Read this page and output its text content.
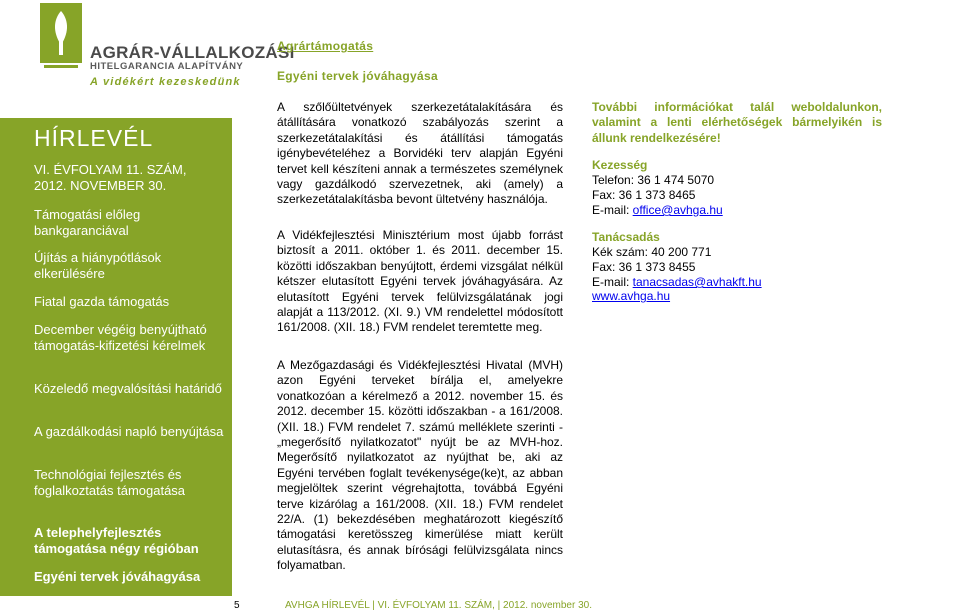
AGRÁR-VÁLLALKOZÁSI
HITELGARANCIA ALAPÍTVÁNY
A vidékért kezeskedünk
HÍRLEVÉL
VI. ÉVFOLYAM 11. SZÁM,
2012. NOVEMBER 30.
Támogatási előleg bankgaranciával
Újítás a hiánypótlások elkerülésére
Fiatal gazda támogatás
December végéig benyújtható támogatás-kifizetési kérelmek
Közeledő megvalósítási határidő
A gazdálkodási napló benyújtása
Technológiai fejlesztés és foglalkoztatás támogatása
A telephelyfejlesztés támogatása négy régióban
Egyéni tervek jóváhagyása
Agrártámogatás
Egyéni tervek jóváhagyása
A szőlőültetvények szerkezetátalakítására és átállítására vonatkozó szabályozás szerint a szerkezetátalakítási és átállítási támogatás igénybevételéhez a Borvidéki terv alapján Egyéni tervet kell készíteni annak a természetes személynek vagy gazdálkodó szervezetnek, aki (amely) a szerkezetátalakításba bevont ültetvény használója.
A Vidékfejlesztési Minisztérium most újabb forrást biztosít a 2011. október 1. és 2011. december 15. közötti időszakban benyújtott, érdemi vizsgálat nélkül kétszer elutasított Egyéni tervek jóváhagyására. Az elutasított Egyéni tervek felülvizsgálatának jogi alapját a 113/2012. (XI. 9.) VM rendelettel módosított 161/2008. (XII. 18.) FVM rendelet teremtette meg.
A Mezőgazdasági és Vidékfejlesztési Hivatal (MVH) azon Egyéni terveket bírálja el, amelyekre vonatkozóan a kérelmező a 2012. november 15. és 2012. december 15. közötti időszakban - a 161/2008. (XII. 18.) FVM rendelet 7. számú melléklete szerinti - „megerősítő nyilatkozatot" nyújt be az MVH-hoz. Megerősítő nyilatkozatot az nyújthat be, aki az Egyéni tervében foglalt tevékenysége(ke)t, az abban megjelöltek szerint végrehajtotta, továbbá Egyéni terve kizárólag a 161/2008. (XII. 18.) FVM rendelet 22/A. (1) bekezdésében meghatározott kiegészítő támogatási keretösszeg kimerülése miatt került elutasításra, és annak bírósági felülvizsgálata nincs folyamatban.
További információkat talál weboldalunkon, valamint a lenti elérhetőségek bármelyikén is állunk rendelkezésére!
Kezesség
Telefon: 36 1 474 5070
Fax: 36 1 373 8465
E-mail: office@avhga.hu
Tanácsadás
Kék szám: 40 200 771
Fax: 36 1 373 8455
E-mail: tanacsadas@avhakft.hu
www.avhga.hu
5	AVHGA HÍRLEVÉL | VI. ÉVFOLYAM 11. SZÁM, | 2012. november 30.
